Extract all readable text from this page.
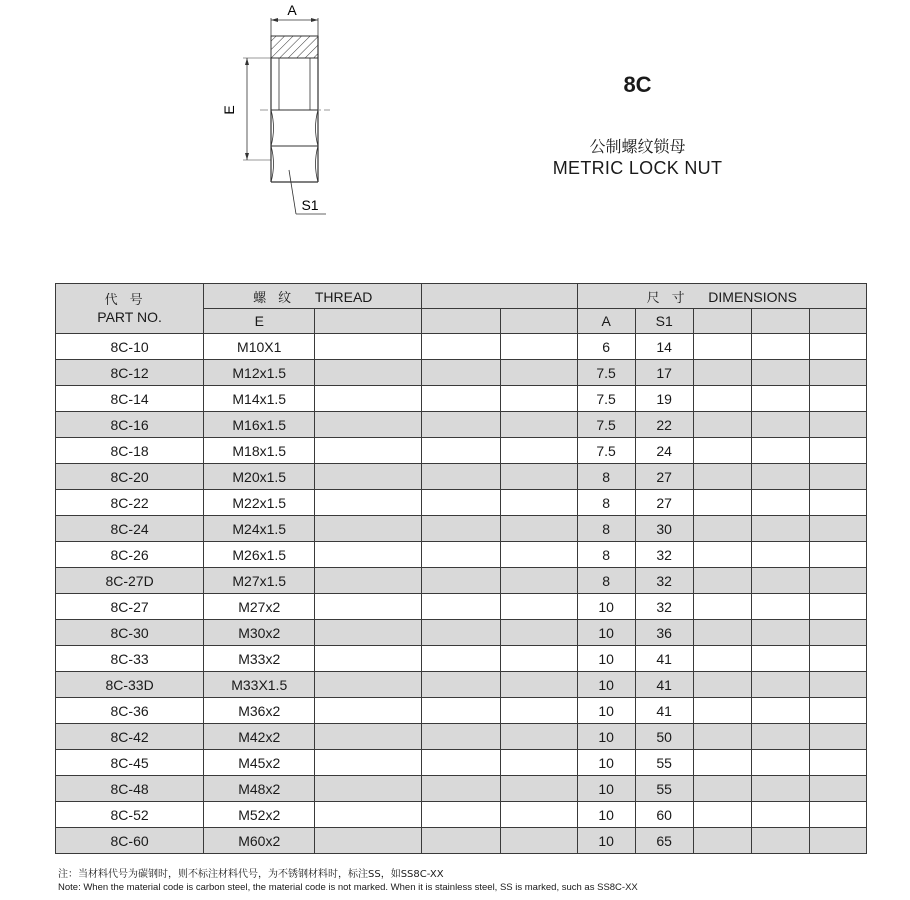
A
E
S1
8C
公制螺纹锁母
METRIC LOCK NUT
代号
PART NO.	螺纹 THREAD				尺寸 DIMENSIONS				
	E				A	S1			
8C-10	M10X1				6	14			
8C-12	M12x1.5				7.5	17			
8C-14	M14x1.5				7.5	19			
8C-16	M16x1.5				7.5	22			
8C-18	M18x1.5				7.5	24			
8C-20	M20x1.5				8	27			
8C-22	M22x1.5				8	27			
8C-24	M24x1.5				8	30			
8C-26	M26x1.5				8	32			
8C-27D	M27x1.5				8	32			
8C-27	M27x2				10	32			
8C-30	M30x2				10	36			
8C-33	M33x2				10	41			
8C-33D	M33X1.5				10	41			
8C-36	M36x2				10	41			
8C-42	M42x2				10	50			
8C-45	M45x2				10	55			
8C-48	M48x2				10	55			
8C-52	M52x2				10	60			
8C-60	M60x2				10	65			
注：当材料代号为碳钢时，则不标注材料代号，为不锈钢材料时，标注SS，如SS8C-XX
Note: When the material code is carbon steel, the material code is not marked. When it is stainless steel, SS is marked, such as SS8C-XX
